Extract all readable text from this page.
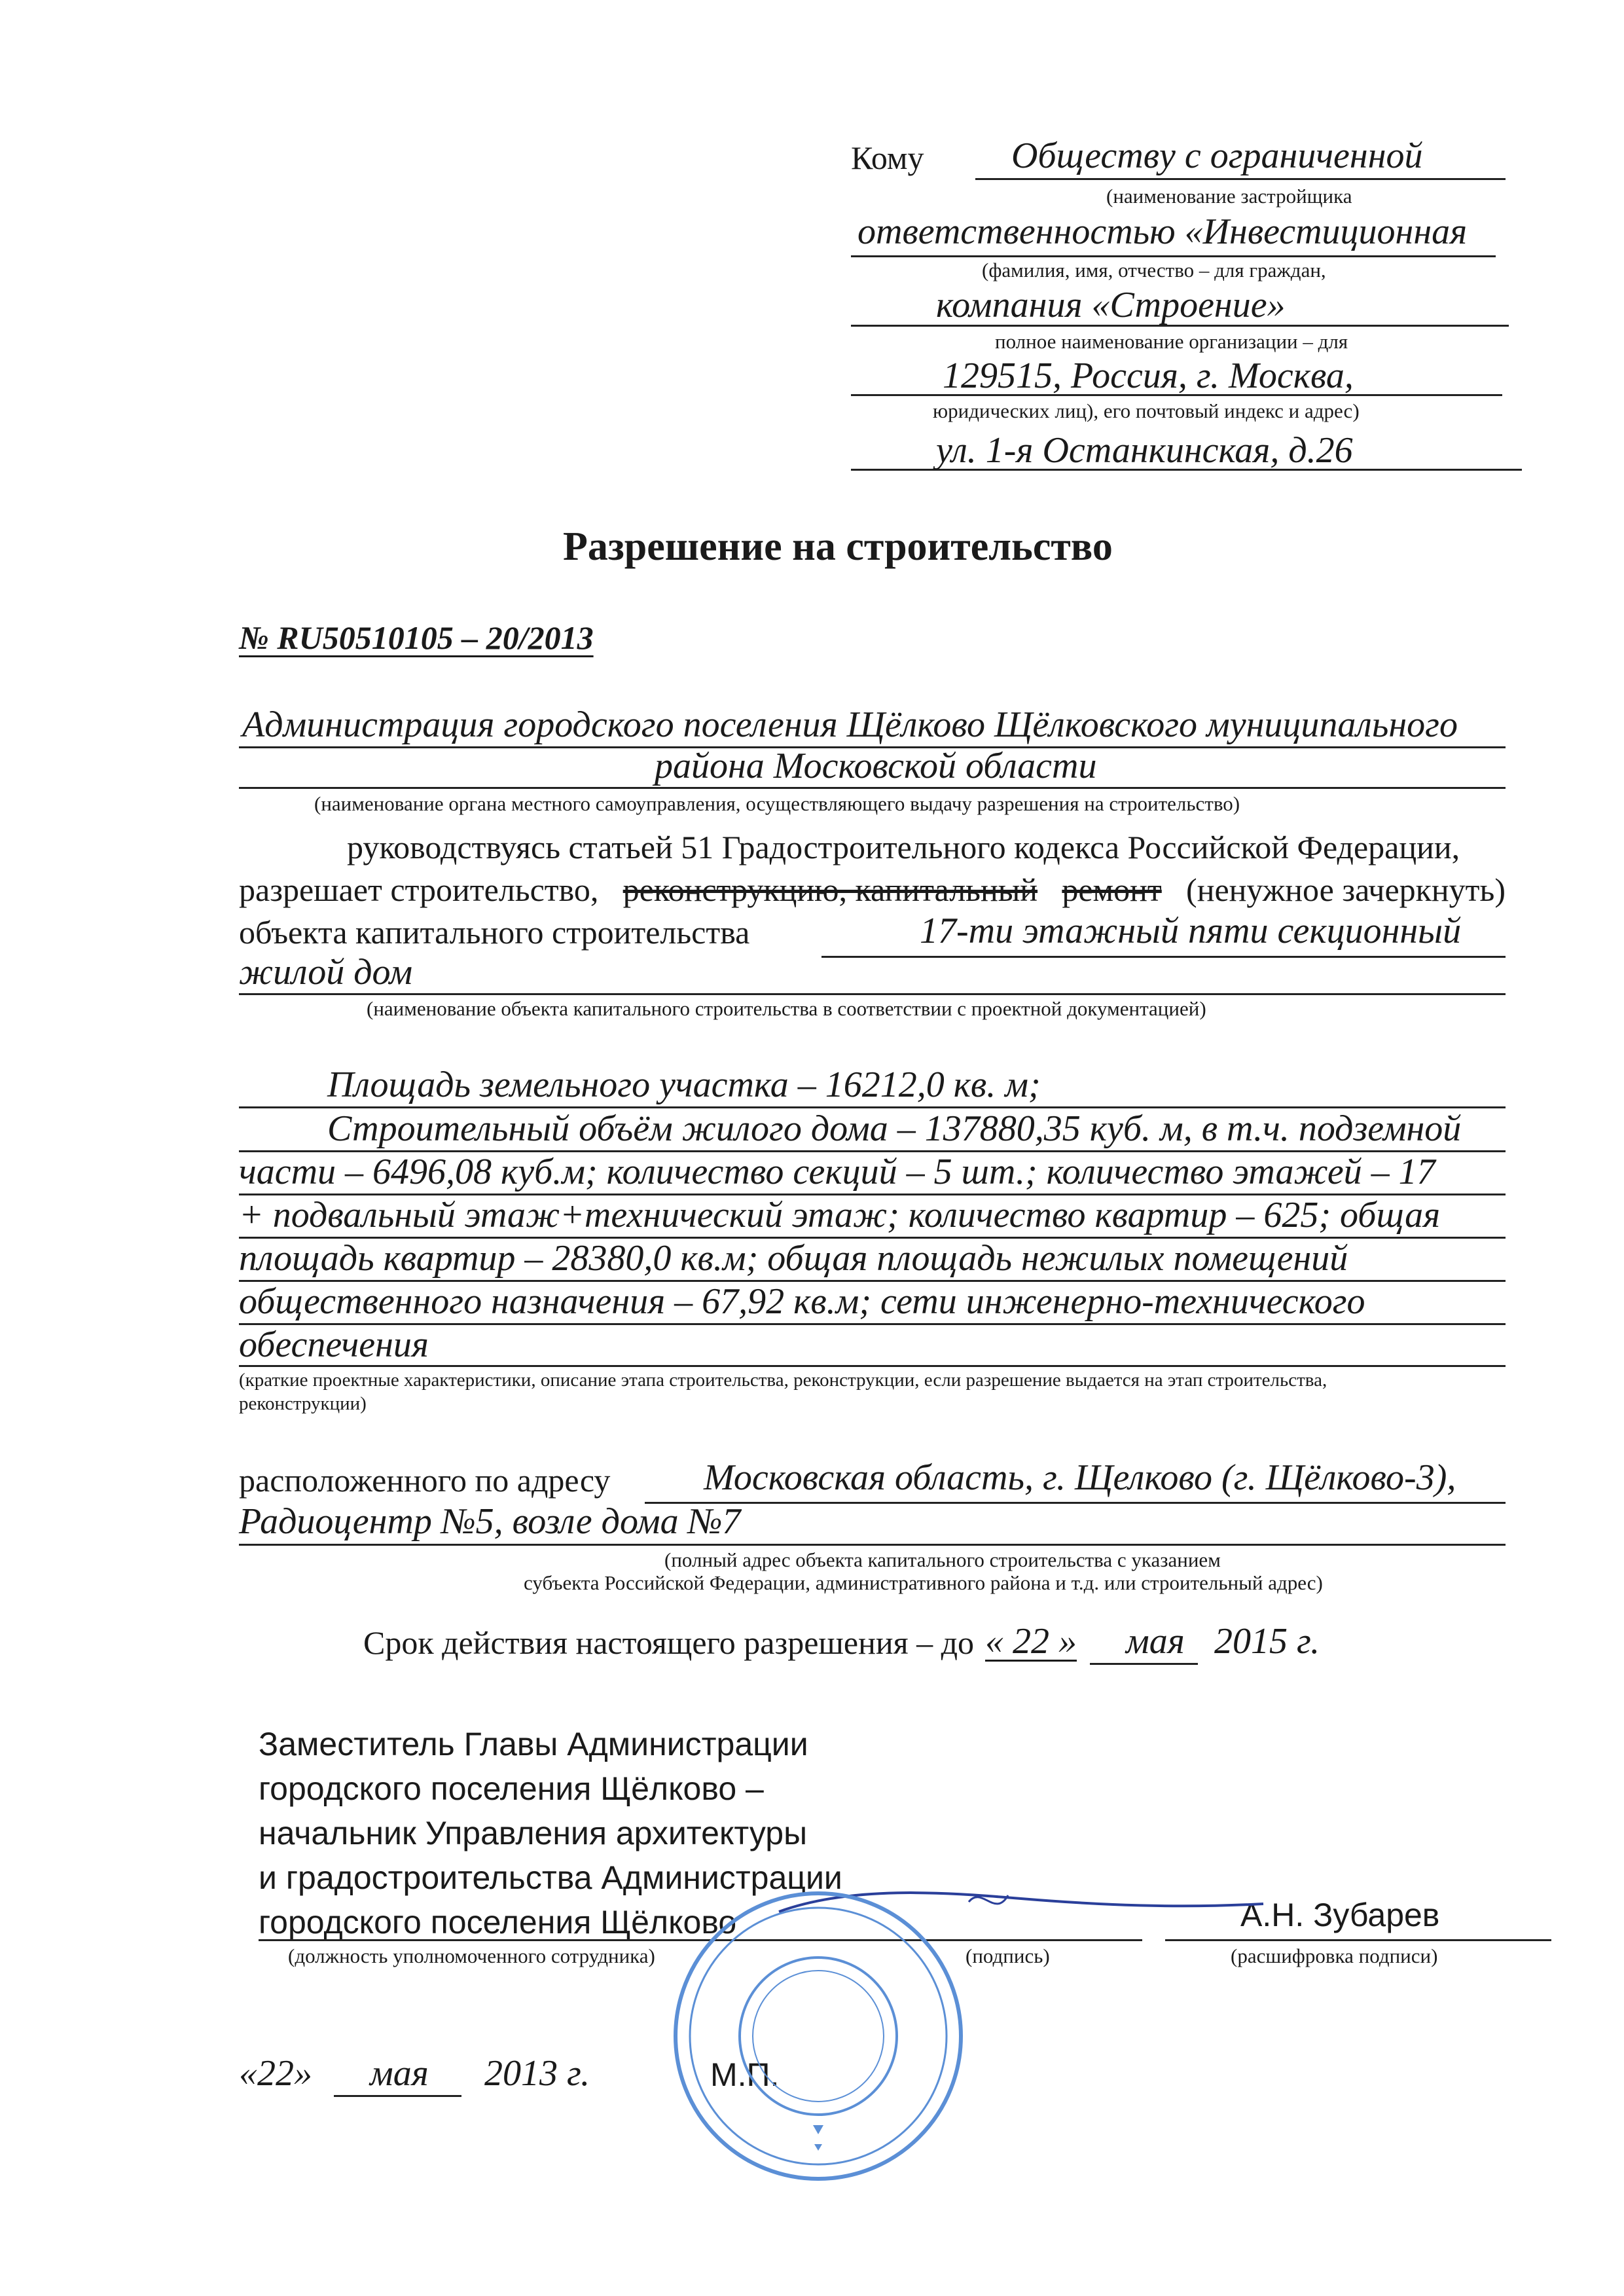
Кому Обществу с ограниченной
(наименование застройщика
ответственностью «Инвестиционная
(фамилия, имя, отчество – для граждан,
компания «Строение»
полное наименование организации – для
129515, Россия, г. Москва,
юридических лиц), его почтовый индекс и адрес)
ул. 1-я Останкинская, д.26
Разрешение на строительство
№ RU50510105 – 20/2013
Администрация городского поселения Щёлково Щёлковского муниципального
района Московской области
(наименование органа местного самоуправления, осуществляющего выдачу разрешения на строительство)
руководствуясь статьей 51 Градостроительного кодекса Российской Федерации,
разрешает строительство, реконструкцию, капитальный ремонт (ненужное зачеркнуть)
объекта капитального строительства	17-ти этажный пяти секционный
жилой дом
(наименование объекта капитального строительства в соответствии с проектной документацией)
Площадь земельного участка – 16212,0 кв. м;
Строительный объём жилого дома – 137880,35 куб. м, в т.ч. подземной
части – 6496,08 куб.м; количество секций – 5 шт.; количество этажей – 17
+ подвальный этаж+технический этаж; количество квартир – 625; общая
площадь квартир – 28380,0 кв.м; общая площадь нежилых помещений
общественного назначения – 67,92 кв.м; сети инженерно-технического
обеспечения
(краткие проектные характеристики, описание этапа строительства, реконструкции, если разрешение выдается на этап строительства,
реконструкции)
расположенного по адресу	Московская область, г. Щелково (г. Щёлково-3),
Радиоцентр №5, возле дома №7
(полный адрес объекта капитального строительства с указанием
субъекта Российской Федерации, административного района и т.д. или строительный адрес)
Срок действия настоящего разрешения – до « 22 » мая 2015 г.
Заместитель Главы Администрации
городского поселения Щёлково –
начальник Управления архитектуры
и градостроительства Администрации
городского поселения Щёлково	А.Н. Зубарев
(должность уполномоченного сотрудника)	(подпись)	(расшифровка подписи)
«22» мая 2013 г.	М.П.
